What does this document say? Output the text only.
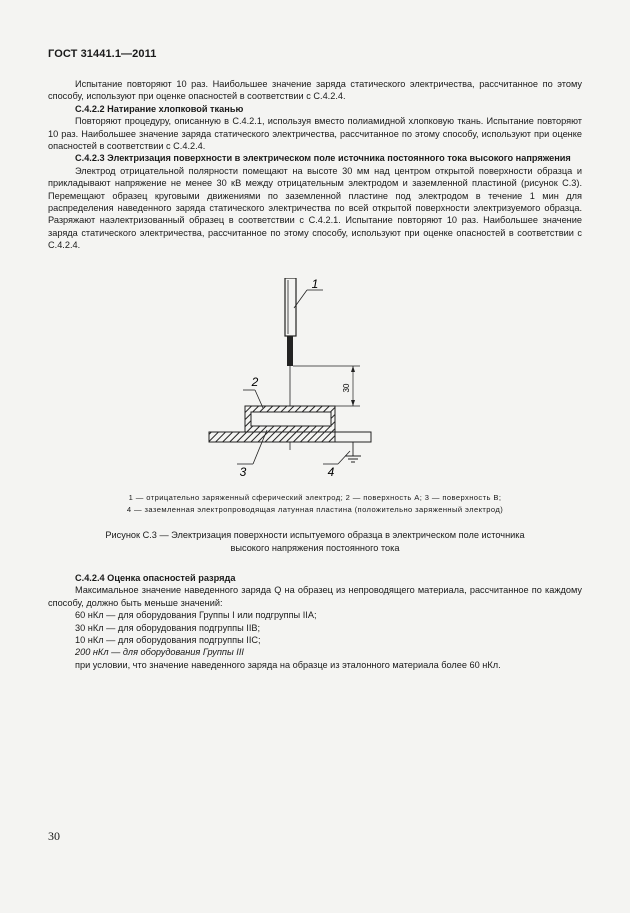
ГОСТ 31441.1—2011

Испытание повторяют 10 раз. Наибольшее значение заряда статического электричества, рассчитанное по этому способу, используют при оценке опасностей в соответствии с С.4.2.4.

С.4.2.2 Натирание хлопковой тканью

Повторяют процедуру, описанную в С.4.2.1, используя вместо полиамидной хлопковую ткань. Испытание повторяют 10 раз. Наибольшее значение заряда статического электричества, рассчитанное по этому способу, используют при оценке опасностей в соответствии с С.4.2.4.

С.4.2.3 Электризация поверхности в электрическом поле источника постоянного тока высокого напряжения

Электрод отрицательной полярности помещают на высоте 30 мм над центром открытой поверхности образца и прикладывают напряжение не менее 30 кВ между отрицательным электродом и заземленной пластиной (рисунок С.3). Перемещают образец круговыми движениями по заземленной пластине под электродом в течение 1 мин для распределения наведенного заряда статического электричества по всей открытой поверхности электризуемого образца. Разряжают наэлектризованный образец в соответствии с С.4.2.1. Испытание повторяют 10 раз. Наибольшее значение заряда статического электричества, рассчитанное по этому способу, используют при оценке опасностей в соответствии с С.4.2.4.

30
1
2
3	4

1 — отрицательно заряженный сферический электрод; 2 — поверхность А; 3 — поверхность В;

4 — заземленная электропроводящая латунная пластина (положительно заряженный электрод)

Рисунок С.3 — Электризация поверхности испытуемого образца в электрическом поле источника

высокого напряжения постоянного тока

С.4.2.4 Оценка опасностей разряда

Максимальное значение наведенного заряда Q на образец из непроводящего материала, рассчитанное по каждому способу, должно быть меньше значений:

60 нКл — для оборудования Группы I или подгруппы IIA;

30 нКл — для оборудования подгруппы IIB;

10 нКл — для оборудования подгруппы IIC;

200 нКл — для оборудования Группы III

при условии, что значение наведенного заряда на образце из эталонного материала более 60 нКл.

30
